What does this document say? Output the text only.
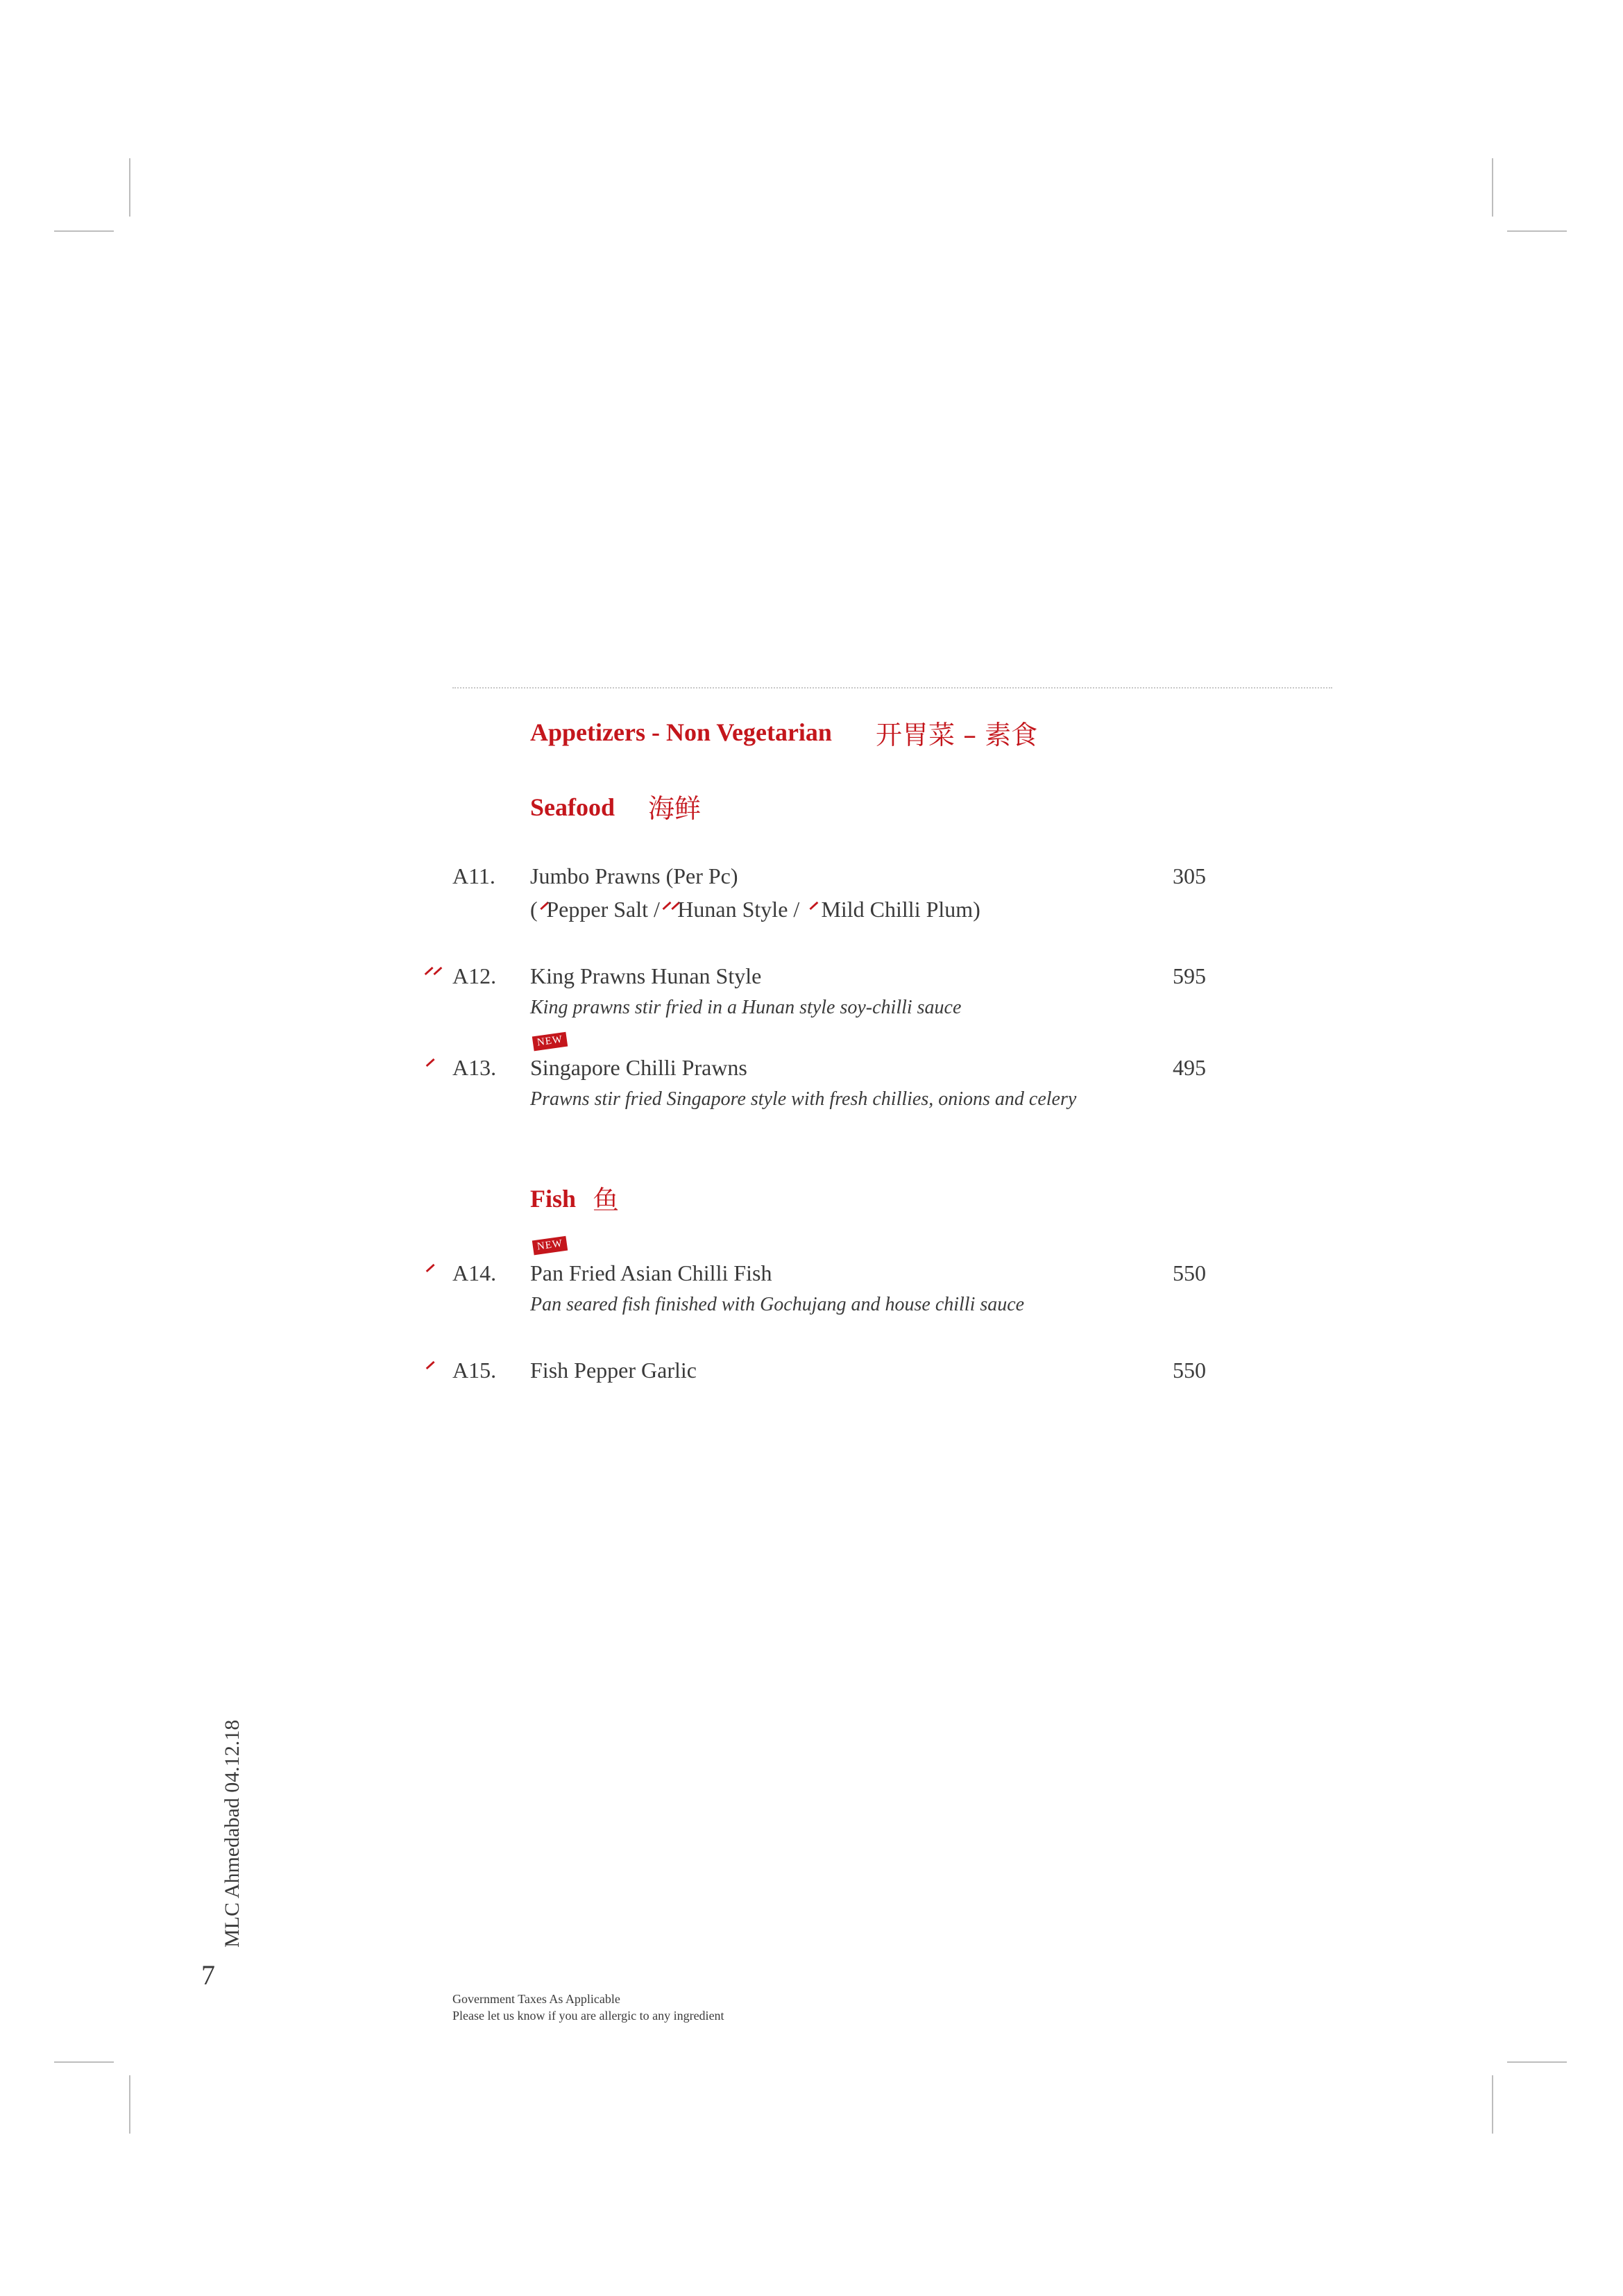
Appetizers - Non Vegetarian 开胃菜 – 素食
Seafood 海鲜
A11. Jumbo Prawns (Per Pc)	305
(ᐟPepper Salt /ᐟᐟHunan Style / ᐟ Mild Chilli Plum)
ᐟᐟ A12. King Prawns Hunan Style	595
King prawns stir fried in a Hunan style soy-chilli sauce
NEW
ᐟ A13. Singapore Chilli Prawns	495
Prawns stir fried Singapore style with fresh chillies, onions and celery
Fish 鱼
NEW
ᐟ A14. Pan Fried Asian Chilli Fish	550
Pan seared fish finished with Gochujang and house chilli sauce
ᐟ A15. Fish Pepper Garlic	550
Government Taxes As Applicable
Please let us know if you are allergic to any ingredient
MLC Ahmedabad 04.12.18
7
